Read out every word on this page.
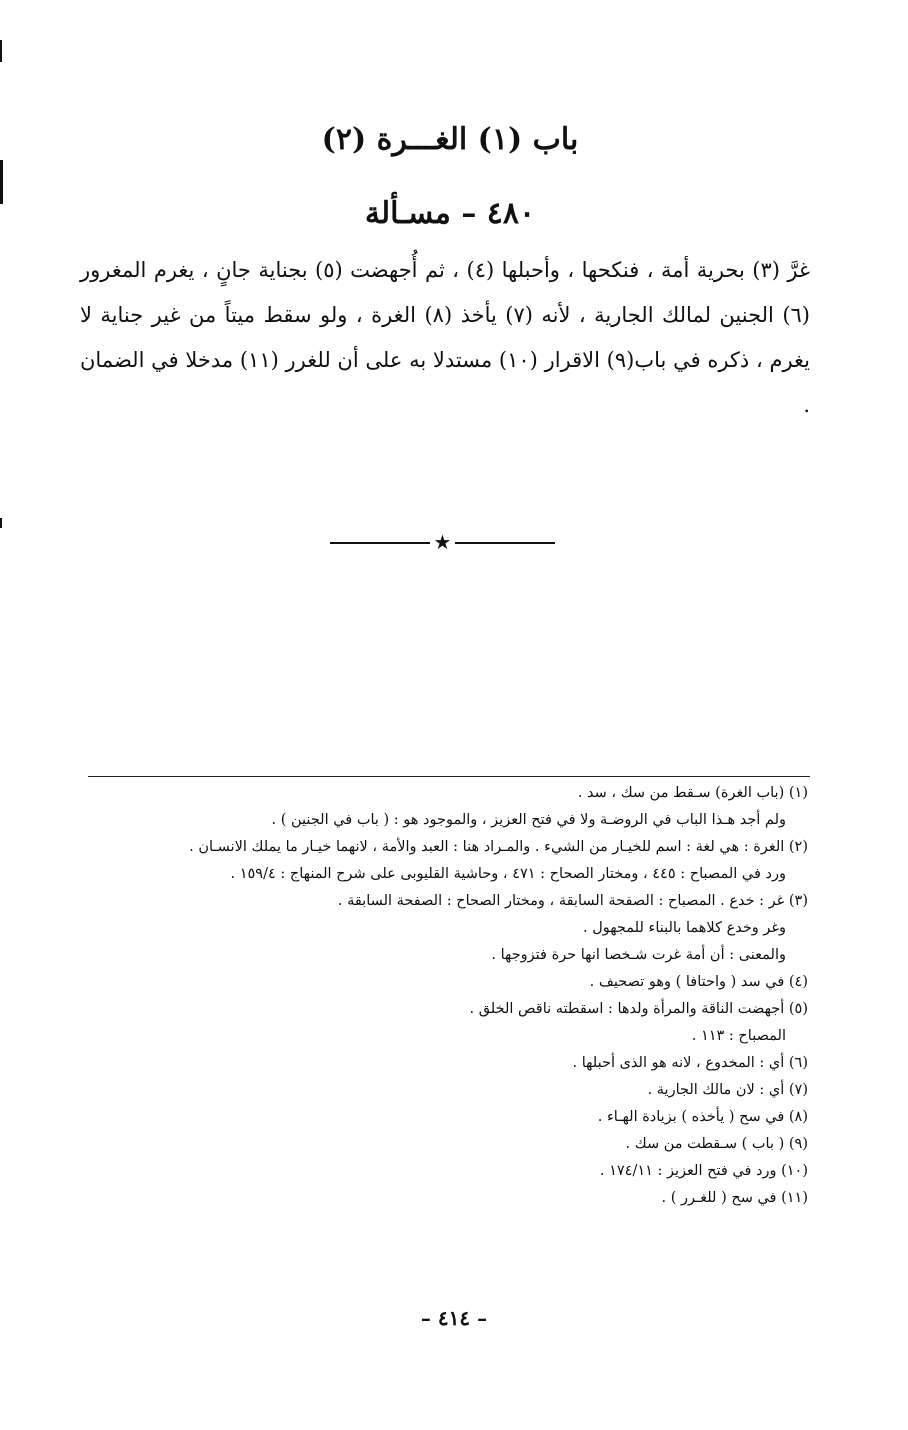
باب (١) الغـــرة (٢)
٤٨٠ – مسـألة
غرَّ (٣) بحرية أمة ، فنكحها ، وأحبلها (٤) ، ثم أُجهضت (٥) بجناية جانٍ ، يغرم المغرور (٦) الجنين لمالك الجارية ، لأنه (٧) يأخذ (٨) الغرة ، ولو سقط ميتاً من غير جناية لا يغرم ، ذكره في باب(٩) الاقرار (١٠) مستدلا به على أن للغرر (١١) مدخلا في الضمان .
★

(١) (باب الغرة) سـقط من سك ، سد .

ولم أجد هـذا الباب في الروضـة ولا في فتح العزيز ، والموجود هو : ( باب في الجنين ) .

(٢) الغرة : هي لغة : اسم للخيـار من الشيء . والمـراد هنا : العبد والأمة ، لانهما خيـار ما يملك الانسـان .

ورد في المصباح : ٤٤٥ ، ومختار الصحاح : ٤٧١ ، وحاشية القليوبى على شرح المنهاج : ١٥٩/٤ .

(٣) غر : خدع . المصباح : الصفحة السابقة ، ومختار الصحاح : الصفحة السابقة .

وغر وخدع كلاهما بالبناء للمجهول .

والمعنى : أن أمة غرت شـخصا انها حرة فتزوجها .

(٤) في سد ( واحتافا ) وهو تصحيف .

(٥) أجهضت الناقة والمرأة ولدها : اسقطته ناقص الخلق .

المصباح : ١١٣ .

(٦) أي : المخدوع ، لانه هو الذى أحبلها .

(٧) أي : لان مالك الجارية .

(٨) في سح ( يأخذه ) بزيادة الهـاء .

(٩) ( باب ) سـقطت من سك .

(١٠) ورد في فتح العزيز : ١٧٤/١١ .

(١١) في سح ( للغـرر ) .

– ٤١٤ –
